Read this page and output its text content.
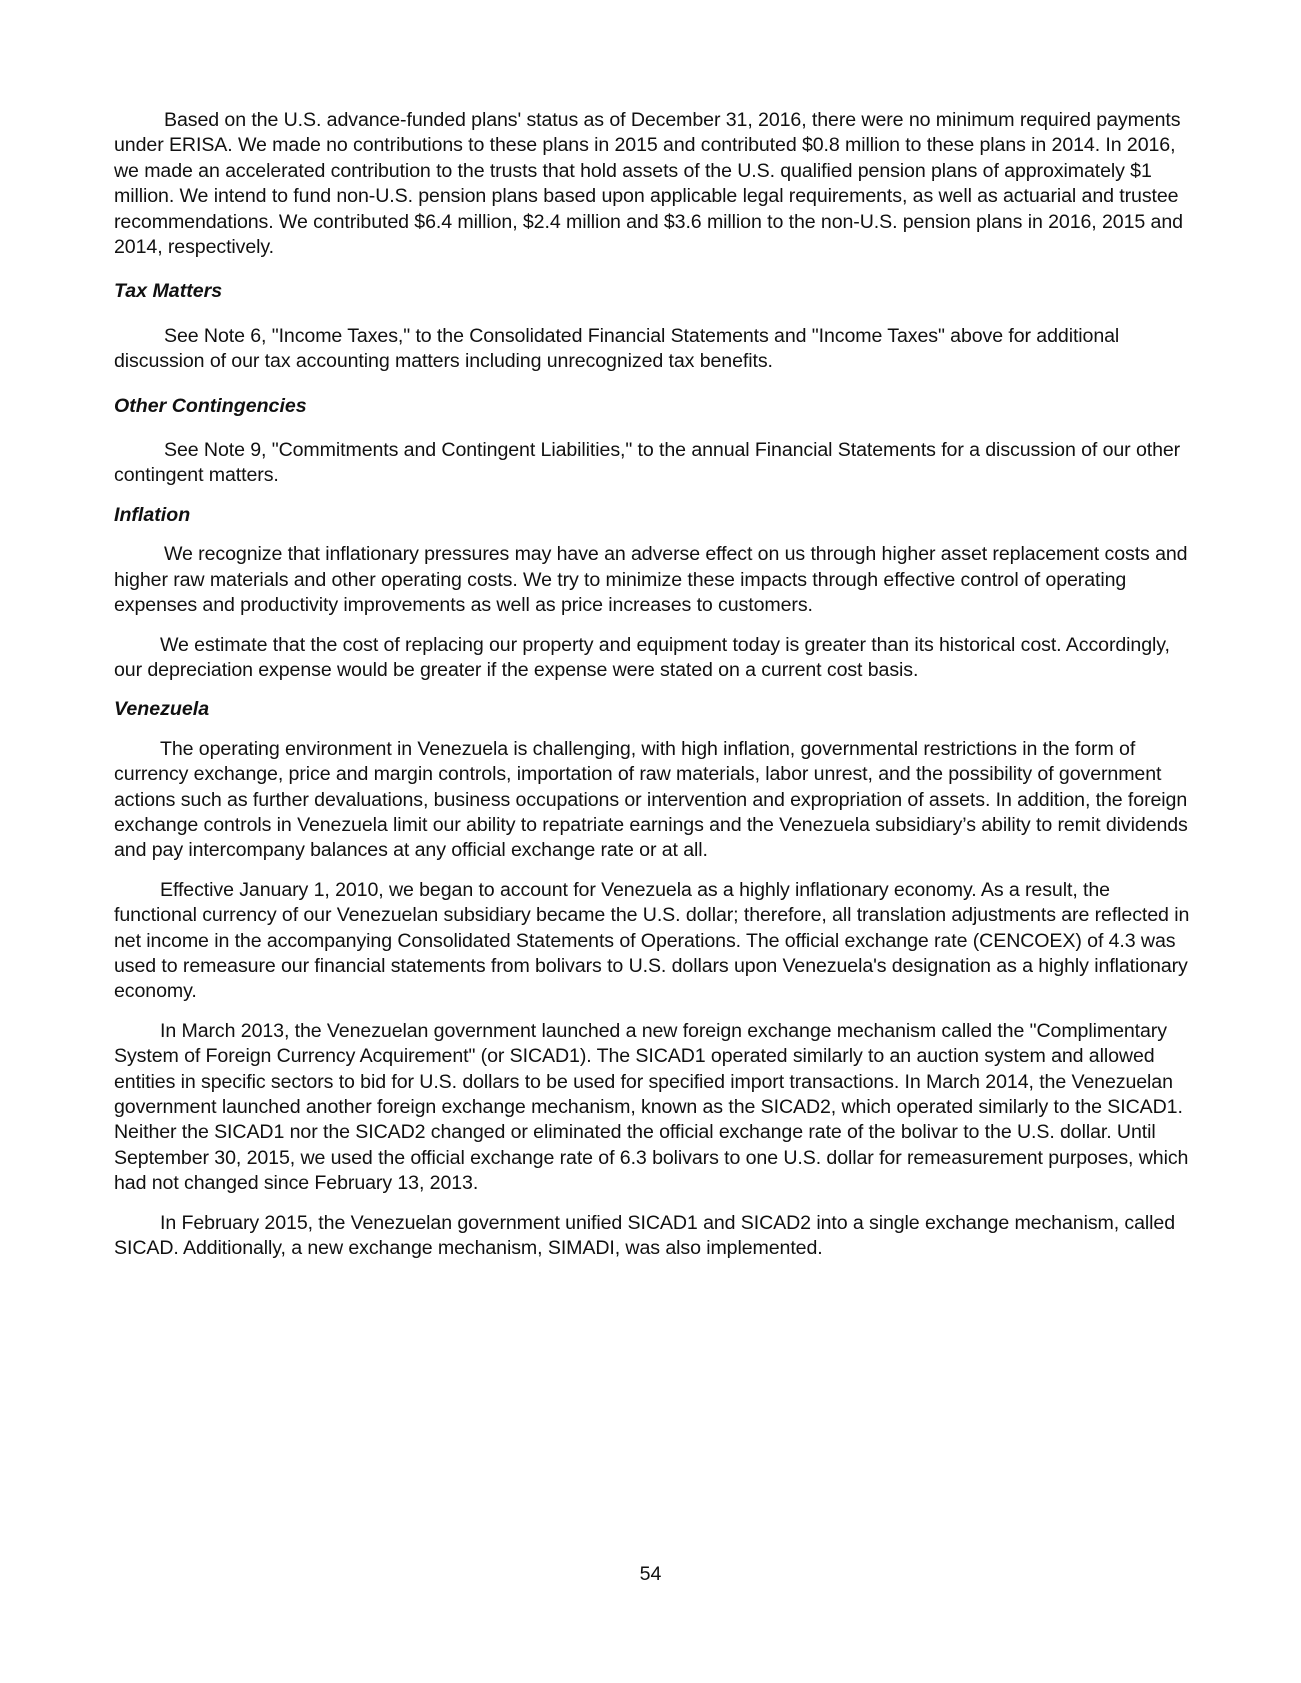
Based on the U.S. advance-funded plans' status as of December 31, 2016, there were no minimum required payments under ERISA. We made no contributions to these plans in 2015 and contributed $0.8 million to these plans in 2014. In 2016, we made an accelerated contribution to the trusts that hold assets of the U.S. qualified pension plans of approximately $1 million. We intend to fund non-U.S. pension plans based upon applicable legal requirements, as well as actuarial and trustee recommendations. We contributed $6.4 million, $2.4 million and $3.6 million to the non-U.S. pension plans in 2016, 2015 and 2014, respectively.

Tax Matters

See Note 6, "Income Taxes," to the Consolidated Financial Statements and "Income Taxes" above for additional discussion of our tax accounting matters including unrecognized tax benefits.

Other Contingencies

See Note 9, "Commitments and Contingent Liabilities," to the annual Financial Statements for a discussion of our other contingent matters.

Inflation

We recognize that inflationary pressures may have an adverse effect on us through higher asset replacement costs and higher raw materials and other operating costs. We try to minimize these impacts through effective control of operating expenses and productivity improvements as well as price increases to customers.

We estimate that the cost of replacing our property and equipment today is greater than its historical cost. Accordingly, our depreciation expense would be greater if the expense were stated on a current cost basis.

Venezuela

The operating environment in Venezuela is challenging, with high inflation, governmental restrictions in the form of currency exchange, price and margin controls, importation of raw materials, labor unrest, and the possibility of government actions such as further devaluations, business occupations or intervention and expropriation of assets. In addition, the foreign exchange controls in Venezuela limit our ability to repatriate earnings and the Venezuela subsidiary’s ability to remit dividends and pay intercompany balances at any official exchange rate or at all.

Effective January 1, 2010, we began to account for Venezuela as a highly inflationary economy. As a result, the functional currency of our Venezuelan subsidiary became the U.S. dollar; therefore, all translation adjustments are reflected in net income in the accompanying Consolidated Statements of Operations. The official exchange rate (CENCOEX) of 4.3 was used to remeasure our financial statements from bolivars to U.S. dollars upon Venezuela's designation as a highly inflationary economy.

In March 2013, the Venezuelan government launched a new foreign exchange mechanism called the "Complimentary System of Foreign Currency Acquirement" (or SICAD1). The SICAD1 operated similarly to an auction system and allowed entities in specific sectors to bid for U.S. dollars to be used for specified import transactions. In March 2014, the Venezuelan government launched another foreign exchange mechanism, known as the SICAD2, which operated similarly to the SICAD1. Neither the SICAD1 nor the SICAD2 changed or eliminated the official exchange rate of the bolivar to the U.S. dollar. Until September 30, 2015, we used the official exchange rate of 6.3 bolivars to one U.S. dollar for remeasurement purposes, which had not changed since February 13, 2013.

In February 2015, the Venezuelan government unified SICAD1 and SICAD2 into a single exchange mechanism, called SICAD. Additionally, a new exchange mechanism, SIMADI, was also implemented.

54
